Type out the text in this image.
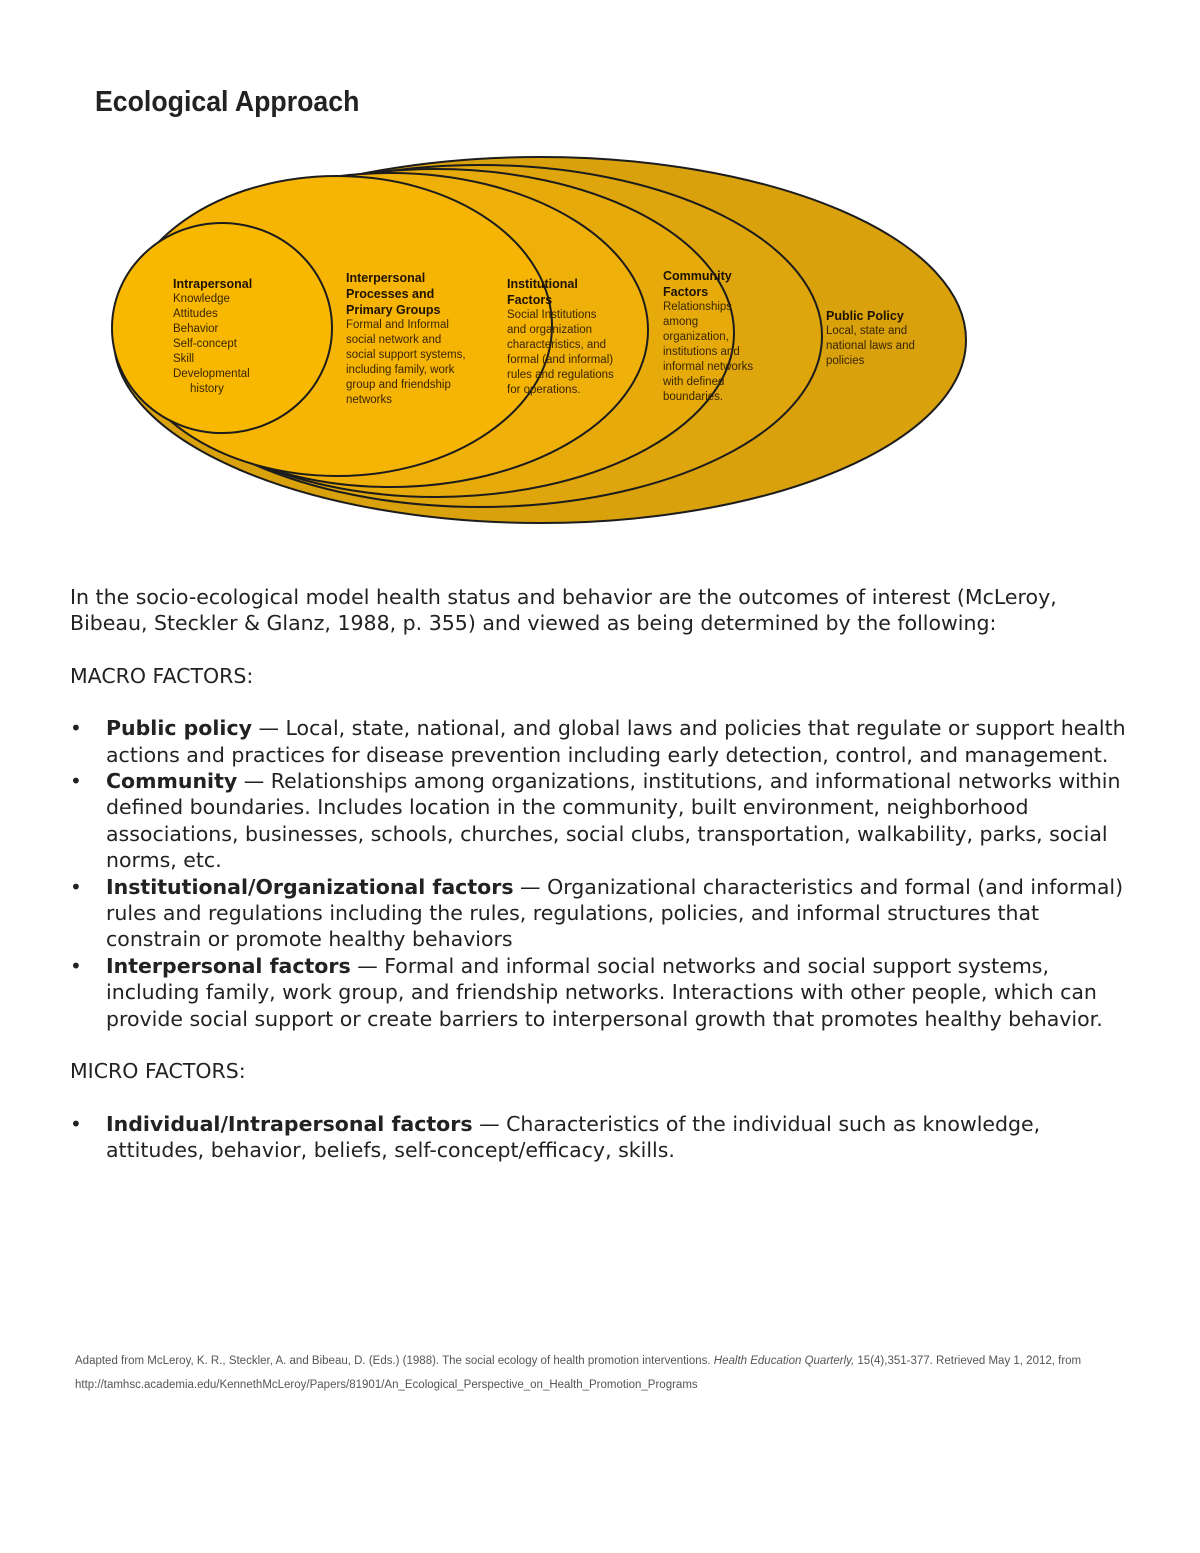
Ecological Approach
Intrapersonal
Knowledge
Attitudes
Behavior
Self-concept
Skill
Developmental
history
Interpersonal
Processes and
Primary Groups
Formal and Informal
social network and
social support systems,
including family, work
group and friendship
networks
Institutional
Factors
Social Institutions
and organization
characteristics, and
formal (and informal)
rules and regulations
for operations.
Community
Factors
Relationships
among
organization,
institutions and
informal networks
with defined
boundaries.
Public Policy
Local, state and
national laws and
policies

In the socio-ecological model health status and behavior are the outcomes of interest (McLeroy, Bibeau, Steckler & Glanz, 1988, p. 355) and viewed as being determined by the following:

MACRO FACTORS:

• Public policy — Local, state, national, and global laws and policies that regulate or support health actions and practices for disease prevention including early detection, control, and management.
• Community — Relationships among organizations, institutions, and informational networks within defined boundaries. Includes location in the community, built environment, neighborhood associations, businesses, schools, churches, social clubs, transportation, walkability, parks, social norms, etc.
• Institutional/Organizational factors — Organizational characteristics and formal (and informal) rules and regulations including the rules, regulations, policies, and informal structures that constrain or promote healthy behaviors
• Interpersonal factors — Formal and informal social networks and social support systems, including family, work group, and friendship networks. Interactions with other people, which can provide social support or create barriers to interpersonal growth that promotes healthy behavior.

MICRO FACTORS:

• Individual/Intrapersonal factors — Characteristics of the individual such as knowledge, attitudes, behavior, beliefs, self-concept/efficacy, skills.
Adapted from McLeroy, K. R., Steckler, A. and Bibeau, D. (Eds.) (1988). The social ecology of health promotion interventions. Health Education Quarterly, 15(4),351-377. Retrieved May 1, 2012, from
http://tamhsc.academia.edu/KennethMcLeroy/Papers/81901/An_Ecological_Perspective_on_Health_Promotion_Programs
